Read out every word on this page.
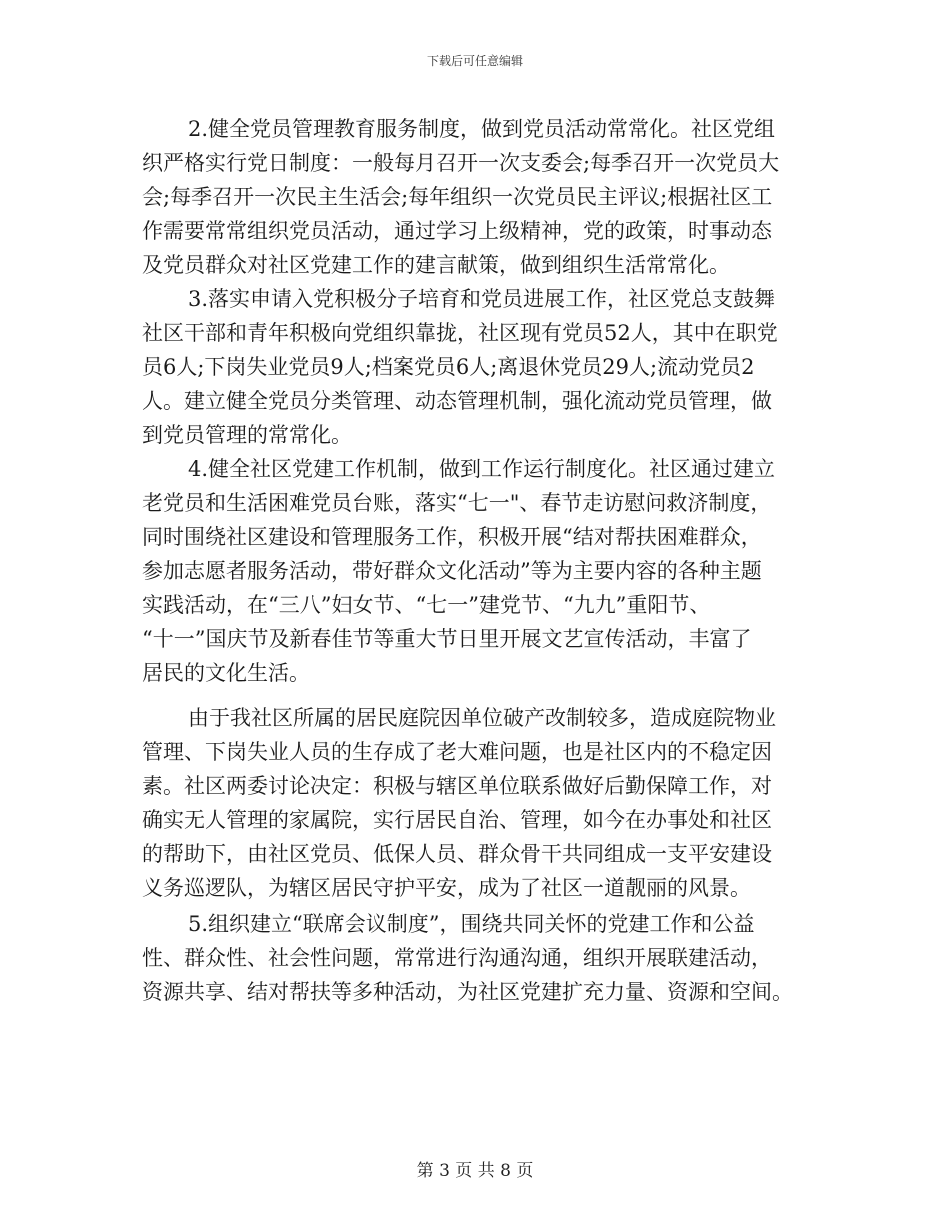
下载后可任意编辑
2.健全党员管理教育服务制度，做到党员活动常常化。社区党组
织严格实行党日制度：一般每月召开一次支委会;每季召开一次党员大
会;每季召开一次民主生活会;每年组织一次党员民主评议;根据社区工
作需要常常组织党员活动，通过学习上级精神，党的政策，时事动态
及党员群众对社区党建工作的建言献策，做到组织生活常常化。
3.落实申请入党积极分子培育和党员进展工作，社区党总支鼓舞
社区干部和青年积极向党组织靠拢，社区现有党员52人，其中在职党
员6人;下岗失业党员9人;档案党员6人;离退休党员29人;流动党员2
人。建立健全党员分类管理、动态管理机制，强化流动党员管理，做
到党员管理的常常化。
4.健全社区党建工作机制，做到工作运行制度化。社区通过建立
老党员和生活困难党员台账，落实“七一"、春节走访慰问救济制度，
同时围绕社区建设和管理服务工作，积极开展“结对帮扶困难群众，
参加志愿者服务活动，带好群众文化活动”等为主要内容的各种主题
实践活动，在“三八”妇女节、“七一”建党节、“九九”重阳节、
“十一”国庆节及新春佳节等重大节日里开展文艺宣传活动，丰富了
居民的文化生活。
由于我社区所属的居民庭院因单位破产改制较多，造成庭院物业
管理、下岗失业人员的生存成了老大难问题，也是社区内的不稳定因
素。社区两委讨论决定：积极与辖区单位联系做好后勤保障工作，对
确实无人管理的家属院，实行居民自治、管理，如今在办事处和社区
的帮助下，由社区党员、低保人员、群众骨干共同组成一支平安建设
义务巡逻队，为辖区居民守护平安，成为了社区一道靓丽的风景。
5.组织建立“联席会议制度”，围绕共同关怀的党建工作和公益
性、群众性、社会性问题，常常进行沟通沟通，组织开展联建活动，
资源共享、结对帮扶等多种活动，为社区党建扩充力量、资源和空间。
第 3 页 共 8 页
